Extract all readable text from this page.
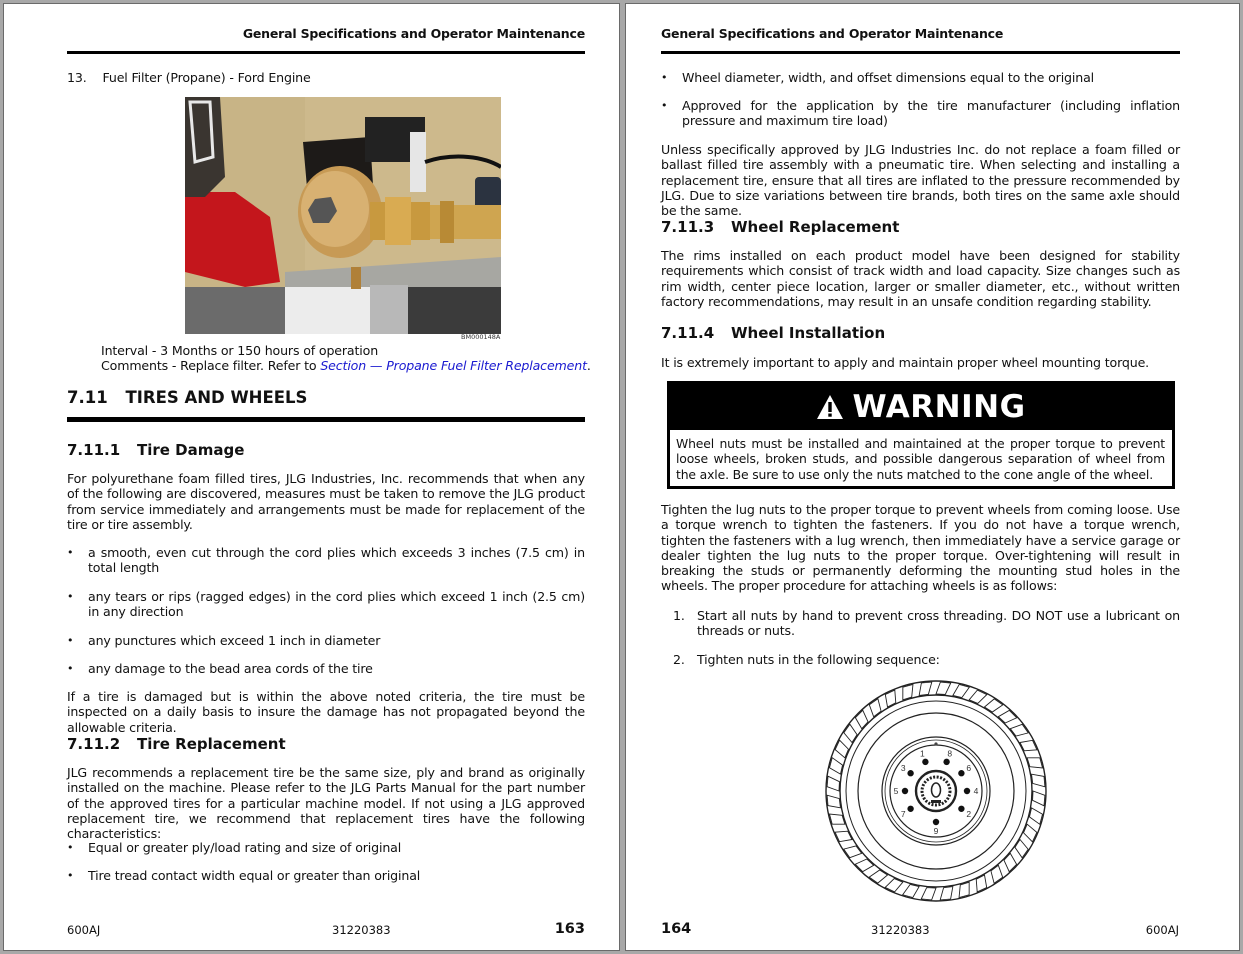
General Specifications and Operator Maintenance
13. Fuel Filter (Propane) - Ford Engine
BM000148A
Interval - 3 Months or 150 hours of operation
Comments - Replace filter. Refer to Section — Propane Fuel Filter Replacement.
7.11 TIRES AND WHEELS
7.11.1 Tire Damage
For polyurethane foam filled tires, JLG Industries, Inc. recommends that when any of the following are discovered, measures must be taken to remove the JLG product from service immediately and arrangements must be made for replacement of the tire or tire assembly.
• a smooth, even cut through the cord plies which exceeds 3 inches (7.5 cm) in total length
• any tears or rips (ragged edges) in the cord plies which exceed 1 inch (2.5 cm) in any direction
• any punctures which exceed 1 inch in diameter
• any damage to the bead area cords of the tire
If a tire is damaged but is within the above noted criteria, the tire must be inspected on a daily basis to insure the damage has not propagated beyond the allowable criteria.
7.11.2 Tire Replacement
JLG recommends a replacement tire be the same size, ply and brand as originally installed on the machine. Please refer to the JLG Parts Manual for the part number of the approved tires for a particular machine model. If not using a JLG approved replacement tire, we recommend that replacement tires have the following characteristics:
• Equal or greater ply/load rating and size of original
• Tire tread contact width equal or greater than original
600AJ	31220383	163
General Specifications and Operator Maintenance
• Wheel diameter, width, and offset dimensions equal to the original
• Approved for the application by the tire manufacturer (including inflation pressure and maximum tire load)
Unless specifically approved by JLG Industries Inc. do not replace a foam filled or ballast filled tire assembly with a pneumatic tire. When selecting and installing a replacement tire, ensure that all tires are inflated to the pressure recommended by JLG. Due to size variations between tire brands, both tires on the same axle should be the same.
7.11.3 Wheel Replacement
The rims installed on each product model have been designed for stability requirements which consist of track width and load capacity. Size changes such as rim width, center piece location, larger or smaller diameter, etc., without written factory recommendations, may result in an unsafe condition regarding stability.
7.11.4 Wheel Installation
It is extremely important to apply and maintain proper wheel mounting torque.
WARNING
Wheel nuts must be installed and maintained at the proper torque to prevent loose wheels, broken studs, and possible dangerous separation of wheel from the axle. Be sure to use only the nuts matched to the cone angle of the wheel.
Tighten the lug nuts to the proper torque to prevent wheels from coming loose. Use a torque wrench to tighten the fasteners. If you do not have a torque wrench, tighten the fasteners with a lug wrench, then immediately have a service garage or dealer tighten the lug nuts to the proper torque. Over-tightening will result in breaking the studs or permanently deforming the mounting stud holes in the wheels. The proper procedure for attaching wheels is as follows:
1. Start all nuts by hand to prevent cross threading. DO NOT use a lubricant on threads or nuts.
2. Tighten nuts in the following sequence:
1	8
3	6
5	4
7	2
9
164	31220383	600AJ
